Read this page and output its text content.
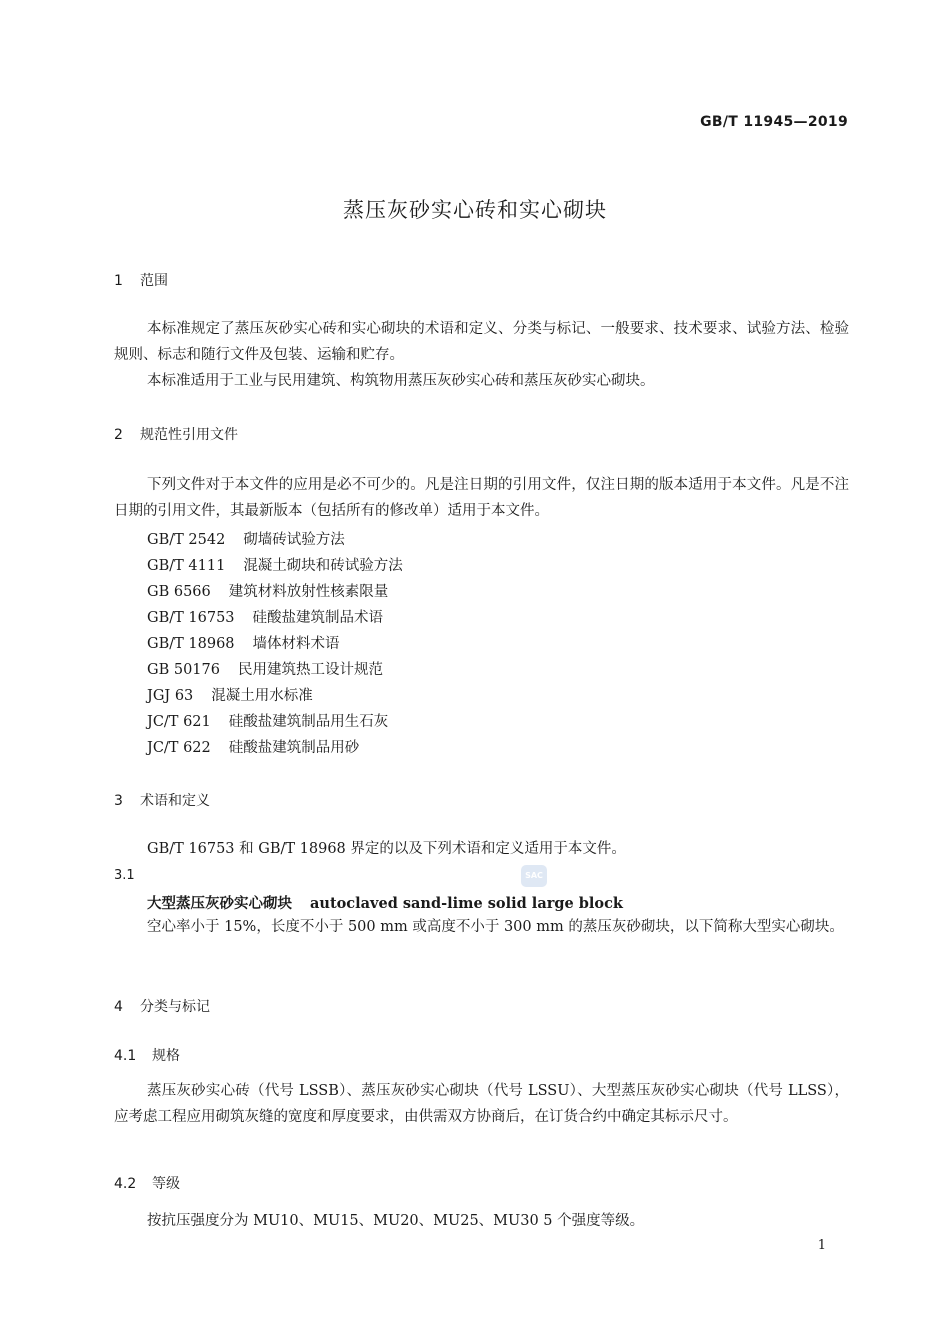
GB/T 11945—2019
蒸压灰砂实心砖和实心砌块
1 范围
本标准规定了蒸压灰砂实心砖和实心砌块的术语和定义、分类与标记、一般要求、技术要求、试验方法、检验规则、标志和随行文件及包装、运输和贮存。
本标准适用于工业与民用建筑、构筑物用蒸压灰砂实心砖和蒸压灰砂实心砌块。
2 规范性引用文件
下列文件对于本文件的应用是必不可少的。凡是注日期的引用文件，仅注日期的版本适用于本文件。凡是不注日期的引用文件，其最新版本（包括所有的修改单）适用于本文件。
GB/T 2542 砌墙砖试验方法
GB/T 4111 混凝土砌块和砖试验方法
GB 6566 建筑材料放射性核素限量
GB/T 16753 硅酸盐建筑制品术语
GB/T 18968 墙体材料术语
GB 50176 民用建筑热工设计规范
JGJ 63 混凝土用水标准
JC/T 621 硅酸盐建筑制品用生石灰
JC/T 622 硅酸盐建筑制品用砂
3 术语和定义
GB/T 16753 和 GB/T 18968 界定的以及下列术语和定义适用于本文件。
3.1	SAC
大型蒸压灰砂实心砌块 autoclaved sand-lime solid large block
空心率小于 15%，长度不小于 500 mm 或高度不小于 300 mm 的蒸压灰砂砌块，以下简称大型实心砌块。
4 分类与标记
4.1 规格
蒸压灰砂实心砖（代号 LSSB）、蒸压灰砂实心砌块（代号 LSSU）、大型蒸压灰砂实心砌块（代号 LLSS），应考虑工程应用砌筑灰缝的宽度和厚度要求，由供需双方协商后，在订货合约中确定其标示尺寸。
4.2 等级
按抗压强度分为 MU10、MU15、MU20、MU25、MU30 5 个强度等级。
1
